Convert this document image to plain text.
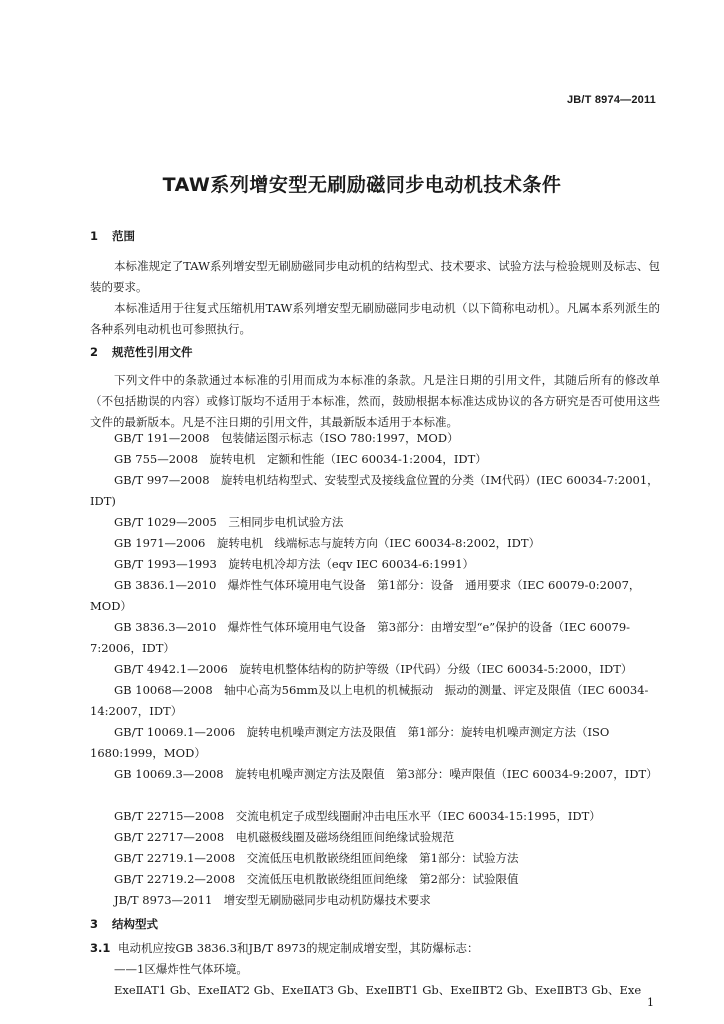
JB/T 8974—2011
TAW系列增安型无刷励磁同步电动机技术条件
1 范围
本标准规定了TAW系列增安型无刷励磁同步电动机的结构型式、技术要求、试验方法与检验规则及标志、包装的要求。
本标准适用于往复式压缩机用TAW系列增安型无刷励磁同步电动机（以下简称电动机）。凡属本系列派生的各种系列电动机也可参照执行。
2 规范性引用文件
下列文件中的条款通过本标准的引用而成为本标准的条款。凡是注日期的引用文件，其随后所有的修改单（不包括勘误的内容）或修订版均不适用于本标准，然而，鼓励根据本标准达成协议的各方研究是否可使用这些文件的最新版本。凡是不注日期的引用文件，其最新版本适用于本标准。
GB/T 191—2008　包装储运图示标志（ISO 780:1997，MOD）
GB 755—2008　旋转电机　定额和性能（IEC 60034-1:2004，IDT）
GB/T 997—2008　旋转电机结构型式、安装型式及接线盒位置的分类（IM代码）(IEC 60034-7:2001，IDT)
GB/T 1029—2005　三相同步电机试验方法
GB 1971—2006　旋转电机　线端标志与旋转方向（IEC 60034-8:2002，IDT）
GB/T 1993—1993　旋转电机冷却方法（eqv IEC 60034-6:1991）
GB 3836.1—2010　爆炸性气体环境用电气设备　第1部分：设备　通用要求（IEC 60079-0:2007，MOD）
GB 3836.3—2010　爆炸性气体环境用电气设备　第3部分：由增安型“e”保护的设备（IEC 60079-7:2006，IDT）
GB/T 4942.1—2006　旋转电机整体结构的防护等级（IP代码）分级（IEC 60034-5:2000，IDT）
GB 10068—2008　轴中心高为56mm及以上电机的机械振动　振动的测量、评定及限值（IEC 60034-14:2007，IDT）
GB/T 10069.1—2006　旋转电机噪声测定方法及限值　第1部分：旋转电机噪声测定方法（ISO 1680:1999，MOD）
GB 10069.3—2008　旋转电机噪声测定方法及限值　第3部分：噪声限值（IEC 60034-9:2007，IDT）
GB/T 22715—2008　交流电机定子成型线圈耐冲击电压水平（IEC 60034-15:1995，IDT）
GB/T 22717—2008　电机磁极线圈及磁场绕组匝间绝缘试验规范
GB/T 22719.1—2008　交流低压电机散嵌绕组匝间绝缘　第1部分：试验方法
GB/T 22719.2—2008　交流低压电机散嵌绕组匝间绝缘　第2部分：试验限值
JB/T 8973—2011　增安型无刷励磁同步电动机防爆技术要求
3 结构型式
3.1 电动机应按GB 3836.3和JB/T 8973的规定制成增安型，其防爆标志：
——1区爆炸性气体环境。
ExeⅡAT1 Gb、ExeⅡAT2 Gb、ExeⅡAT3 Gb、ExeⅡBT1 Gb、ExeⅡBT2 Gb、ExeⅡBT3 Gb、Exe
1
